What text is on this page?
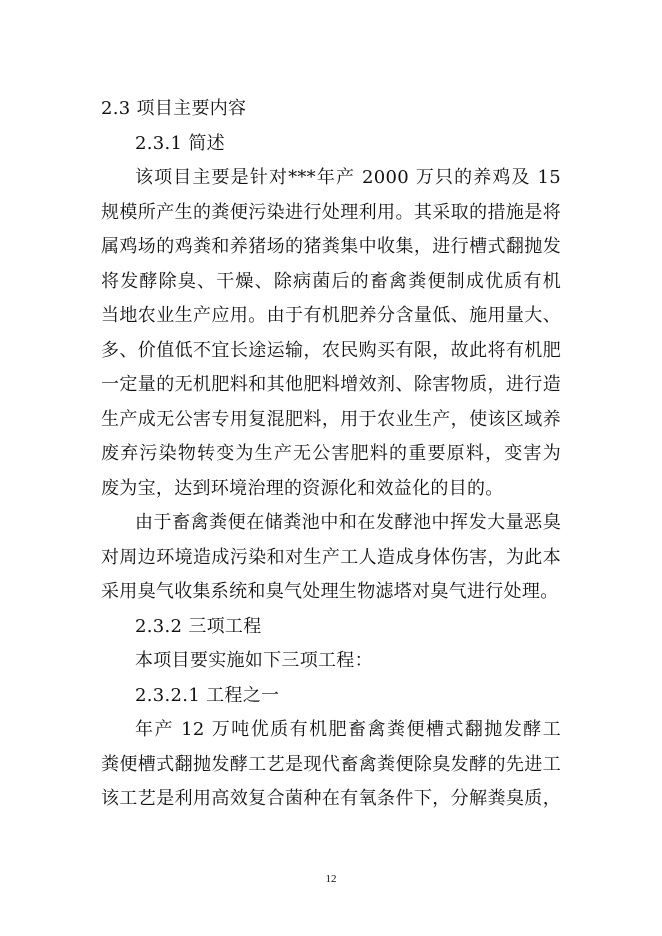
2.3 项目主要内容
2.3.1 简述
该项目主要是针对***年产 2000 万只的养鸡及 15
规模所产生的粪便污染进行处理利用。其采取的措施是将
属鸡场的鸡粪和养猪场的猪粪集中收集，进行槽式翻抛发
将发酵除臭、干燥、除病菌后的畜禽粪便制成优质有机
当地农业生产应用。由于有机肥养分含量低、施用量大、
多、价值低不宜长途运输，农民购买有限，故此将有机肥
一定量的无机肥料和其他肥料增效剂、除害物质，进行造
生产成无公害专用复混肥料，用于农业生产，使该区域养
废弃污染物转变为生产无公害肥料的重要原料，变害为
废为宝，达到环境治理的资源化和效益化的目的。
由于畜禽粪便在储粪池中和在发酵池中挥发大量恶臭
对周边环境造成污染和对生产工人造成身体伤害，为此本
采用臭气收集系统和臭气处理生物滤塔对臭气进行处理。
2.3.2 三项工程
本项目要实施如下三项工程：
2.3.2.1 工程之一
年产 12 万吨优质有机肥畜禽粪便槽式翻抛发酵工
粪便槽式翻抛发酵工艺是现代畜禽粪便除臭发酵的先进工
该工艺是利用高效复合菌种在有氧条件下，分解粪臭质，
12
